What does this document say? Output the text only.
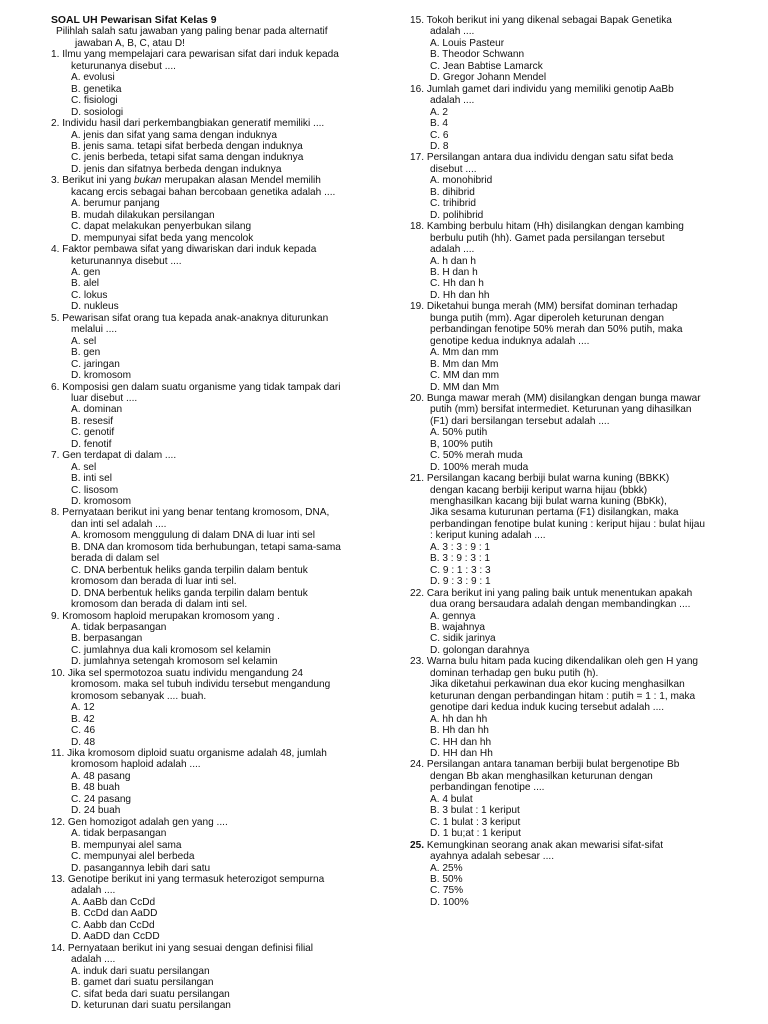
SOAL UH Pewarisan Sifat Kelas 9
Pilihlah salah satu jawaban yang paling benar pada alternatif
jawaban A, B, C, atau D!
1. Ilmu yang mempelajari cara pewarisan sifat dari induk kepada
keturunanya disebut ....
A. evolusi
B. genetika
C. fisiologi
D. sosiologi
2. Individu hasil dari perkembangbiakan generatif memiliki ....
A. jenis dan sifat yang sama dengan induknya
B. jenis sama. tetapi sifat berbeda dengan induknya
C. jenis berbeda, tetapi sifat sama dengan induknya
D. jenis dan sifatnya berbeda dengan induknya
3. Berikut ini yang bukan merupakan alasan Mendel memilih
kacang ercis sebagai bahan bercobaan genetika adalah ....
A. berumur panjang
B. mudah dilakukan persilangan
C. dapat melakukan penyerbukan silang
D. mempunyai sifat beda yang mencolok
4. Faktor pembawa sifat yang diwariskan dari induk kepada
keturunannya disebut ....
A. gen
B. alel
C. lokus
D. nukleus
5. Pewarisan sifat orang tua kepada anak-anaknya diturunkan
melalui ....
A. sel
B. gen
C. jaringan
D. kromosom
6. Komposisi gen dalam suatu organisme yang tidak tampak dari
luar disebut ....
A. dominan
B. resesif
C. genotif
D. fenotif
7. Gen terdapat di dalam ....
A. sel
B. inti sel
C. lisosom
D. kromosom
8. Pernyataan berikut ini yang benar tentang kromosom, DNA,
dan inti sel adalah ....
A. kromosom menggulung di dalam DNA di luar inti sel
B. DNA dan kromosom tida berhubungan, tetapi sama-sama
berada di dalam sel
C. DNA berbentuk heliks ganda terpilin dalam bentuk
kromosom dan berada di luar inti sel.
D. DNA berbentuk heliks ganda terpilin dalam bentuk
kromosom dan berada di dalam inti sel.
9. Kromosom haploid merupakan kromosom yang .
A. tidak berpasangan
B. berpasangan
C. jumlahnya dua kali kromosom sel kelamin
D. jumlahnya setengah kromosom sel kelamin
10. Jika sel spermotozoa suatu individu mengandung 24
kromosom. maka sel tubuh individu tersebut mengandung
kromosom sebanyak .... buah.
A. 12
B. 42
C. 46
D. 48
11. Jika kromosom diploid suatu organisme adalah 48, jumlah
kromosom haploid adalah ....
A. 48 pasang
B. 48 buah
C. 24 pasang
D. 24 buah
12. Gen homozigot adalah gen yang ....
A. tidak berpasangan
B. mempunyai alel sama
C. mempunyai alel berbeda
D. pasangannya lebih dari satu
13. Genotipe berikut ini yang termasuk heterozigot sempurna
adalah ....
A. AaBb dan CcDd
B. CcDd dan AaDD
C. Aabb dan CcDd
D. AaDD dan CcDD
14. Pernyataan berikut ini yang sesuai dengan definisi filial
adalah ....
A. induk dari suatu persilangan
B. gamet dari suatu persilangan
C. sifat beda dari suatu persilangan
D. keturunan dari suatu persilangan
15. Tokoh berikut ini yang dikenal sebagai Bapak Genetika
adalah ....
A. Louis Pasteur
B. Theodor Schwann
C. Jean Babtise Lamarck
D. Gregor Johann Mendel
16. Jumlah gamet dari individu yang memiliki genotip AaBb
adalah ....
A. 2
B. 4
C. 6
D. 8
17. Persilangan antara dua individu dengan satu sifat beda
disebut ....
A. monohibrid
B. dihibrid
C. trihibrid
D. polihibrid
18. Kambing berbulu hitam (Hh) disilangkan dengan kambing
berbulu putih (hh). Gamet pada persilangan tersebut
adalah ....
A. h dan h
B. H dan h
C. Hh dan h
D. Hh dan hh
19. Diketahui bunga merah (MM) bersifat dominan terhadap
bunga putih (mm). Agar diperoleh keturunan dengan
perbandingan fenotipe 50% merah dan 50% putih, maka
genotipe kedua induknya adalah ....
A. Mm dan mm
B. Mm dan Mm
C. MM dan mm
D. MM dan Mm
20. Bunga mawar merah (MM) disilangkan dengan bunga mawar
putih (mm) bersifat intermediet. Keturunan yang dihasilkan
(F1) dari bersilangan tersebut adalah ....
A. 50% putih
B, 100% putih
C. 50% merah muda
D. 100% merah muda
21. Persilangan kacang berbiji bulat warna kuning (BBKK)
dengan kacang berbiji keriput warna hijau (bbkk)
menghasilkan kacang biji bulat warna kuning (BbKk),
Jika sesama kuturunan pertama (F1) disilangkan, maka
perbandingan fenotipe bulat kuning : keriput hijau : bulat hijau
: keriput kuning adalah ....
A. 3 : 3 : 9 : 1
B. 3 : 9 : 3 : 1
C. 9 : 1 : 3 : 3
D. 9 : 3 : 9 : 1
22. Cara berikut ini yang paling baik untuk menentukan apakah
dua orang bersaudara adalah dengan membandingkan ....
A. gennya
B. wajahnya
C. sidik jarinya
D. golongan darahnya
23. Warna bulu hitam pada kucing dikendalikan oleh gen H yang
dominan terhadap gen buku putih (h).
Jika diketahui perkawinan dua ekor kucing menghasilkan
keturunan dengan perbandingan hitam : putih = 1 : 1, maka
genotipe dari kedua induk kucing tersebut adalah ....
A. hh dan hh
B. Hh dan hh
C. HH dan hh
D. HH dan Hh
24. Persilangan antara tanaman berbiji bulat bergenotipe Bb
dengan Bb akan menghasilkan keturunan dengan
perbandingan fenotipe ....
A. 4 bulat
B. 3 bulat : 1 keriput
C. 1 bulat : 3 keriput
D. 1 bu;at : 1 keriput
25. Kemungkinan seorang anak akan mewarisi sifat-sifat
ayahnya adalah sebesar ....
A. 25%
B. 50%
C. 75%
D. 100%
